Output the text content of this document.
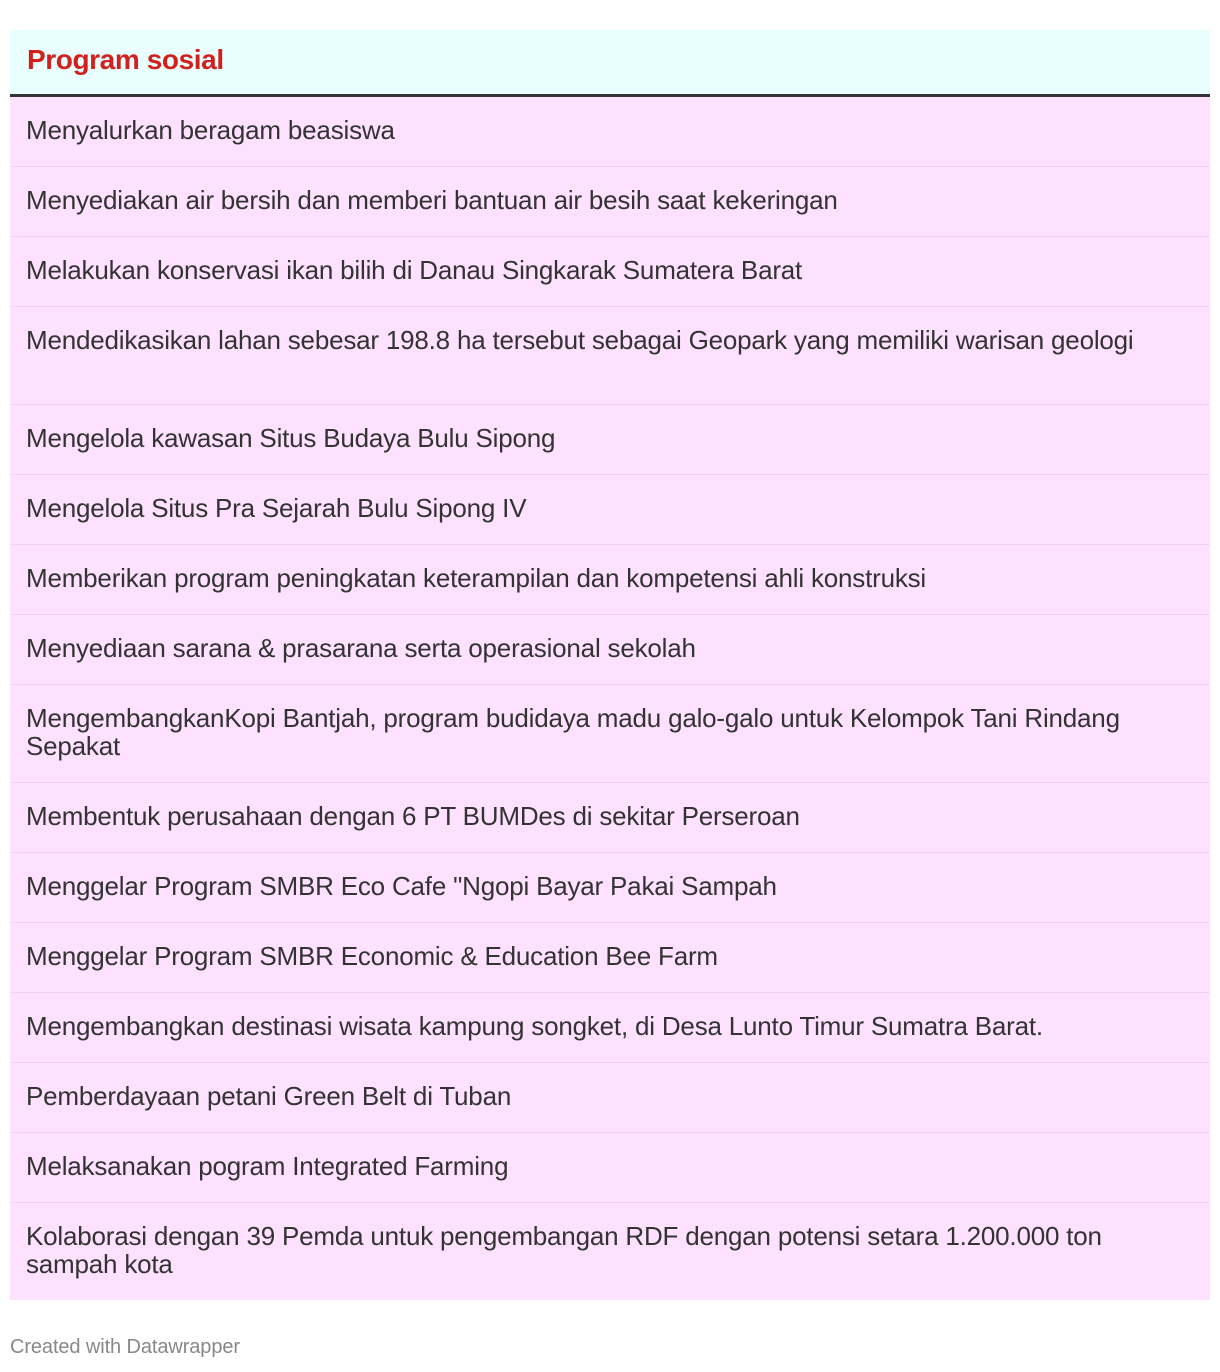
Program sosial
Menyalurkan beragam beasiswa
Menyediakan air bersih dan memberi bantuan air besih saat kekeringan
Melakukan konservasi ikan bilih di Danau Singkarak Sumatera Barat
Mendedikasikan lahan sebesar 198.8 ha tersebut sebagai Geopark yang memiliki warisan geologi
Mengelola kawasan Situs Budaya Bulu Sipong
Mengelola Situs Pra Sejarah Bulu Sipong IV
Memberikan program peningkatan keterampilan dan kompetensi ahli konstruksi
Menyediaan sarana & prasarana serta operasional sekolah
MengembangkanKopi Bantjah, program budidaya madu galo-galo untuk Kelompok Tani Rindang Sepakat
Membentuk perusahaan dengan 6 PT BUMDes di sekitar Perseroan
Menggelar Program SMBR Eco Cafe "Ngopi Bayar Pakai Sampah
Menggelar Program SMBR Economic & Education Bee Farm
Mengembangkan destinasi wisata kampung songket, di Desa Lunto Timur Sumatra Barat.
Pemberdayaan petani Green Belt di Tuban
Melaksanakan pogram Integrated Farming
Kolaborasi dengan 39 Pemda untuk pengembangan RDF dengan potensi setara 1.200.000 ton sampah kota
Created with Datawrapper
